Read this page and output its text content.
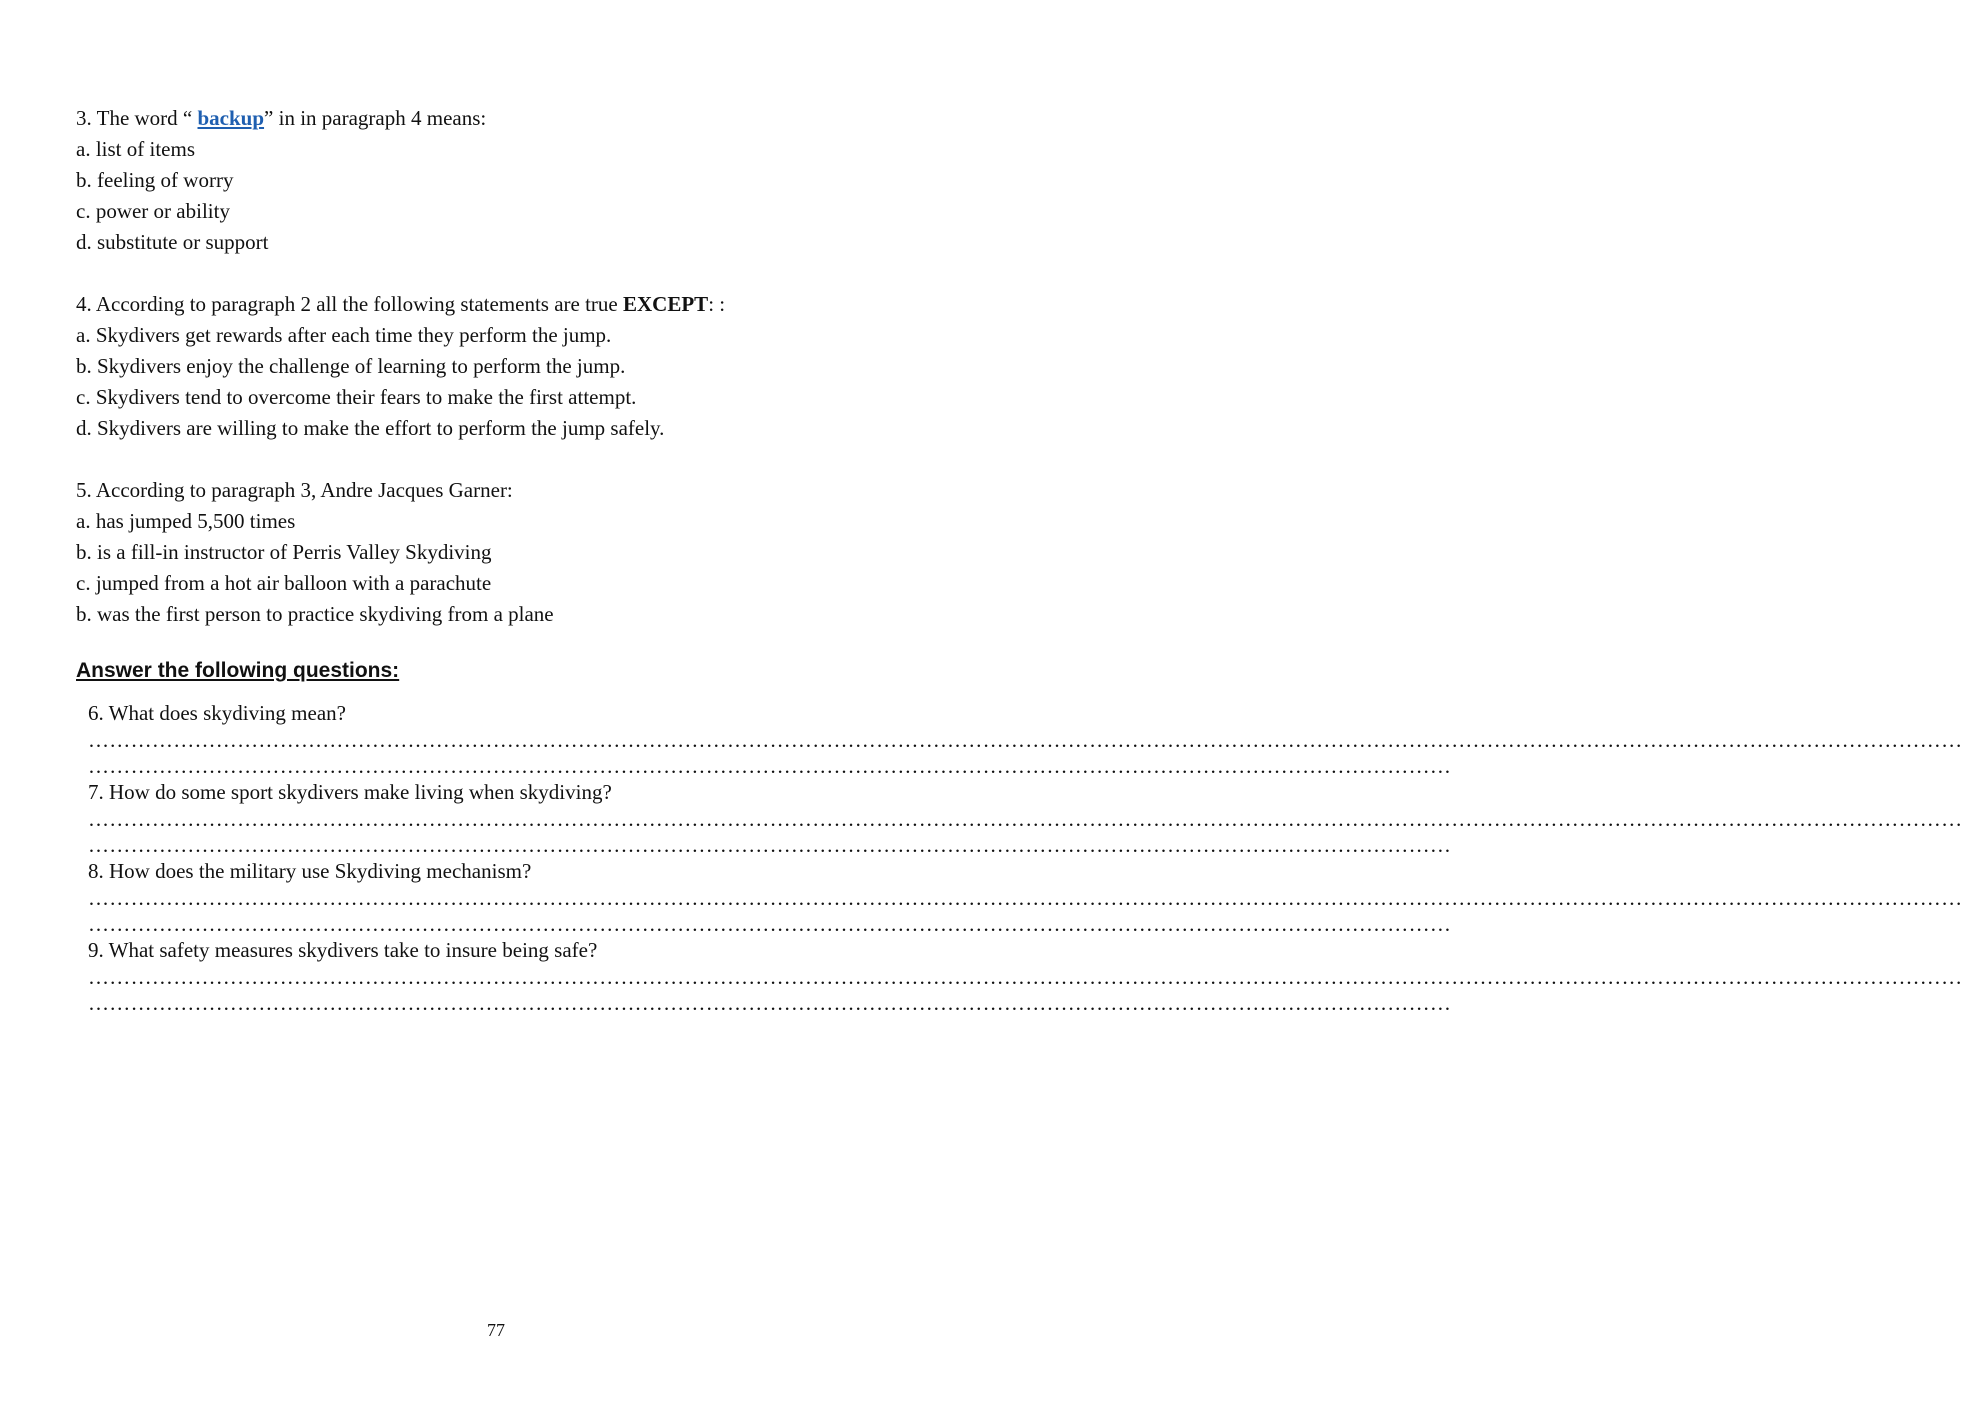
3. The word “ backup” in in paragraph 4 means:

a. list of items

b. feeling of worry

c. power or ability

d. substitute or support

4. According to paragraph 2 all the following statements are true EXCEPT: :

a. Skydivers get rewards after each time they perform the jump.

b. Skydivers enjoy the challenge of learning to perform the jump.

c. Skydivers tend to overcome their fears to make the first attempt.

d. Skydivers are willing to make the effort to perform the jump safely.

5. According to paragraph 3, Andre Jacques Garner:

a. has jumped 5,500 times

b. is a fill-in instructor of Perris Valley Skydiving

c. jumped from a hot air balloon with a parachute

b. was the first person to practice skydiving from a plane

Answer the following questions:

6. What does skydiving mean?

…………………………………………………………………………………………………………………………………………………………………………………………………………………………………………

…………………………………………………………………………………………………………………………………………………………………………

7. How do some sport skydivers make living when skydiving?

…………………………………………………………………………………………………………………………………………………………………………………………………………………………………………

…………………………………………………………………………………………………………………………………………………………………………

8. How does the military use Skydiving mechanism?

…………………………………………………………………………………………………………………………………………………………………………………………………………………………………………

…………………………………………………………………………………………………………………………………………………………………………

9. What safety measures skydivers take to insure being safe?

…………………………………………………………………………………………………………………………………………………………………………………………………………………………………………

…………………………………………………………………………………………………………………………………………………………………………

77
